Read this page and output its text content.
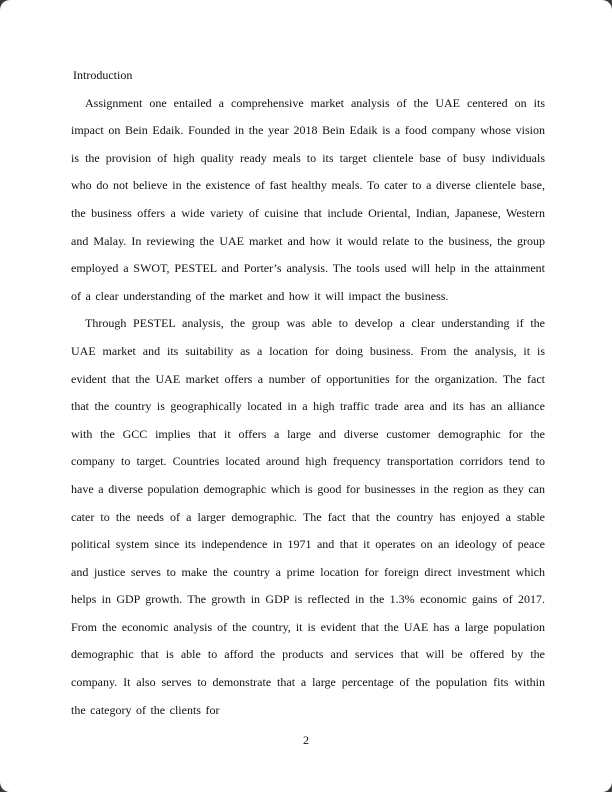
Introduction

Assignment one entailed a comprehensive market analysis of the UAE centered on its impact on Bein Edaik. Founded in the year 2018 Bein Edaik is a food company whose vision is the provision of high quality ready meals to its target clientele base of busy individuals who do not believe in the existence of fast healthy meals. To cater to a diverse clientele base, the business offers a wide variety of cuisine that include Oriental, Indian, Japanese, Western and Malay. In reviewing the UAE market and how it would relate to the business, the group employed a SWOT, PESTEL and Porter’s analysis. The tools used will help in the attainment of a clear understanding of the market and how it will impact the business.

Through PESTEL analysis, the group was able to develop a clear understanding if the UAE market and its suitability as a location for doing business. From the analysis, it is evident that the UAE market offers a number of opportunities for the organization. The fact that the country is geographically located in a high traffic trade area and its has an alliance with the GCC implies that it offers a large and diverse customer demographic for the company to target. Countries located around high frequency transportation corridors tend to have a diverse population demographic which is good for businesses in the region as they can cater to the needs of a larger demographic. The fact that the country has enjoyed a stable political system since its independence in 1971 and that it operates on an ideology of peace and justice serves to make the country a prime location for foreign direct investment which helps in GDP growth. The growth in GDP is reflected in the 1.3% economic gains of 2017. From the economic analysis of the country, it is evident that the UAE has a large population demographic that is able to afford the products and services that will be offered by the company. It also serves to demonstrate that a large percentage of the population fits within the category of the clients for

2
